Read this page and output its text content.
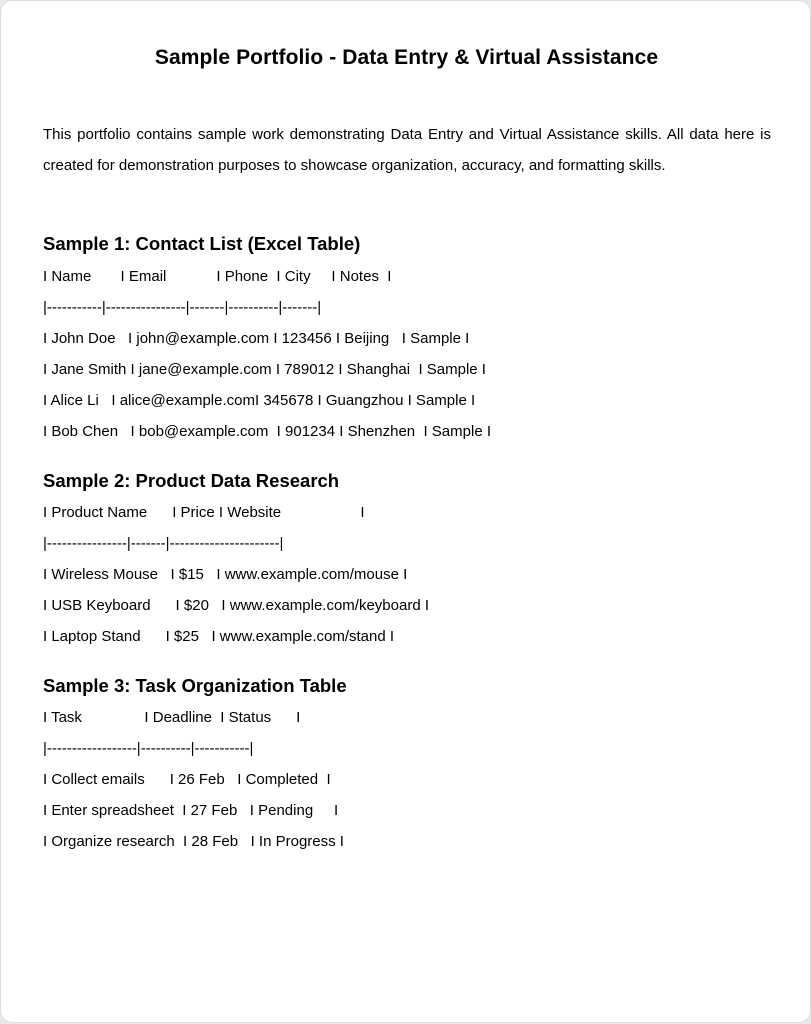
Sample Portfolio - Data Entry & Virtual Assistance
This portfolio contains sample work demonstrating Data Entry and Virtual Assistance skills. All data here is created for demonstration purposes to showcase organization, accuracy, and formatting skills.
Sample 1: Contact List (Excel Table)
I Name       I Email            I Phone  I City     I Notes  I
|-----------|----------------|-------|----------|-------|
I John Doe   I john@example.com I 123456 I Beijing   I Sample I
I Jane Smith I jane@example.com I 789012 I Shanghai  I Sample I
I Alice Li   I alice@example.comI 345678 I Guangzhou I Sample I
I Bob Chen   I bob@example.com  I 901234 I Shenzhen  I Sample I
Sample 2: Product Data Research
I Product Name      I Price I Website                   I
|----------------|-------|----------------------|
I Wireless Mouse   I $15   I www.example.com/mouse I
I USB Keyboard      I $20   I www.example.com/keyboard I
I Laptop Stand      I $25   I www.example.com/stand I
Sample 3: Task Organization Table
I Task               I Deadline  I Status      I
|------------------|----------|-----------|
I Collect emails      I 26 Feb   I Completed  I
I Enter spreadsheet  I 27 Feb   I Pending     I
I Organize research  I 28 Feb   I In Progress I
